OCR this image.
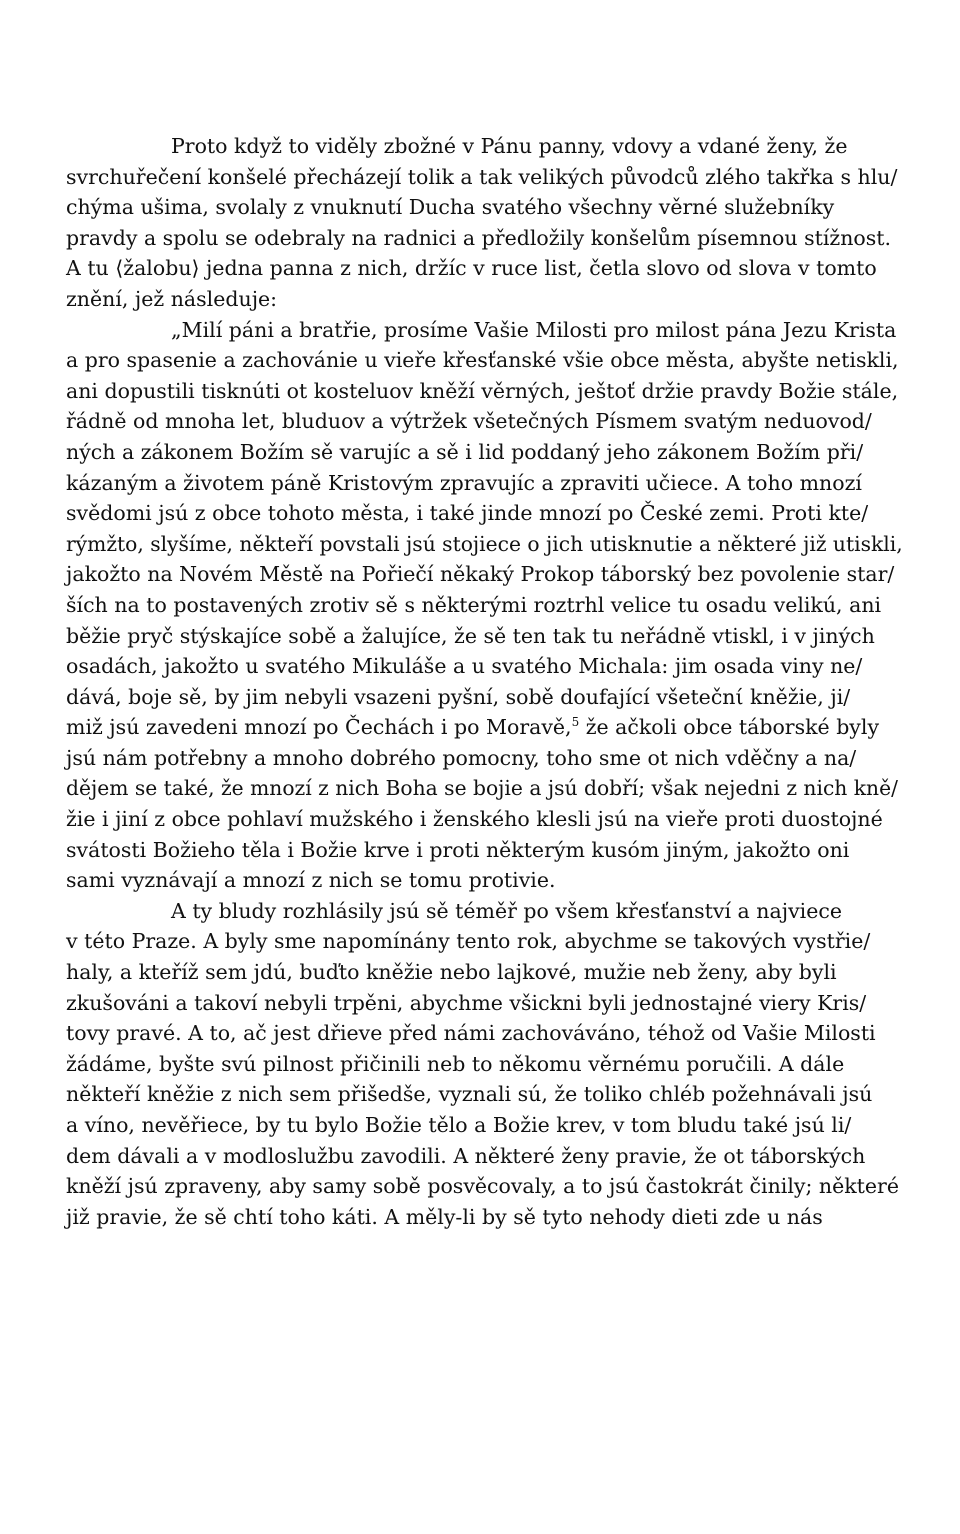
Proto když to viděly zbožné v Pánu panny, vdovy a vdané ženy, že
svrchuřečení konšelé přecházejí tolik a tak velikých původců zlého takřka s hlu/
chýma ušima, svolaly z vnuknutí Ducha svatého všechny věrné služebníky
pravdy a spolu se odebraly na radnici a předložily konšelům písemnou stížnost.
A tu ⟨žalobu⟩ jedna panna z nich, držíc v ruce list, četla slovo od slova v tomto
znění, jež následuje:
„Milí páni a bratřie, prosíme Vašie Milosti pro milost pána Jezu Krista
a pro spasenie a zachovánie u vieře křesťanské všie obce města, abyšte netiskli,
ani dopustili tisknúti ot kosteluov kněží věrných, ještoť držie pravdy Božie stále,
řádně od mnoha let, bluduov a výtržek všetečných Písmem svatým neduovod/
ných a zákonem Božím sě varujíc a sě i lid poddaný jeho zákonem Božím při/
kázaným a životem páně Kristovým zpravujíc a zpraviti učiece. A toho mnozí
svědomi jsú z obce tohoto města, i také jinde mnozí po České zemi. Proti kte/
rýmžto, slyšíme, někteří povstali jsú stojiece o jich utisknutie a některé již utiskli,
jakožto na Novém Městě na Pořiečí někaký Prokop táborský bez povolenie star/
ších na to postavených zrotiv sě s některými roztrhl velice tu osadu velikú, ani
běžie pryč stýskajíce sobě a žalujíce, že sě ten tak tu neřádně vtiskl, i v jiných
osadách, jakožto u svatého Mikuláše a u svatého Michala: jim osada viny ne/
dává, boje sě, by jim nebyli vsazeni pyšní, sobě doufající všetečnί kněžie, ji/
miž jsú zavedeni mnozí po Čechách i po Moravě,$^5$ že ačkoli obce táborské byly
jsú nám potřebny a mnoho dobrého pomocny, toho sme ot nich vděčny a na/
dějem se také, že mnozí z nich Boha se bojie a jsú dobří; však nejedni z nich kně/
žie i jiní z obce pohlaví mužského i ženského klesli jsú na vieře proti duostojné
svátosti Božieho těla i Božie krve i proti některým kusóm jiným, jakožto oni
sami vyznávají a mnozí z nich se tomu protivie.
A ty bludy rozhlásily jsú sě téměř po všem křesťanství a najviece
v této Praze. A byly sme napomínány tento rok, abychme se takových vystřie/
haly, a kteříž sem jdú, buďto kněžie nebo lajkové, mužie neb ženy, aby byli
zkušováni a takoví nebyli trpěni, abychme všickni byli jednostajné viery Kris/
tovy pravé. A to, ač jest dřieve před námi zachováváno, téhož od Vašie Milosti
žádáme, byšte svú pilnost přičinili neb to někomu věrnému poručili. A dále
někteří kněžie z nich sem přišedše, vyznali sú, že toliko chléb požehnávali jsú
a víno, nevěřiece, by tu bylo Božie tělo a Božie krev, v tom bludu také jsú li/
dem dávali a v modloslužbu zavodili. A některé ženy pravie, že ot táborských
kněží jsú zpraveny, aby samy sobě posvěcovaly, a to jsú častokrát činily; některé
již pravie, že sě chtí toho káti. A měly-li by sě tyto nehody dieti zde u nás
